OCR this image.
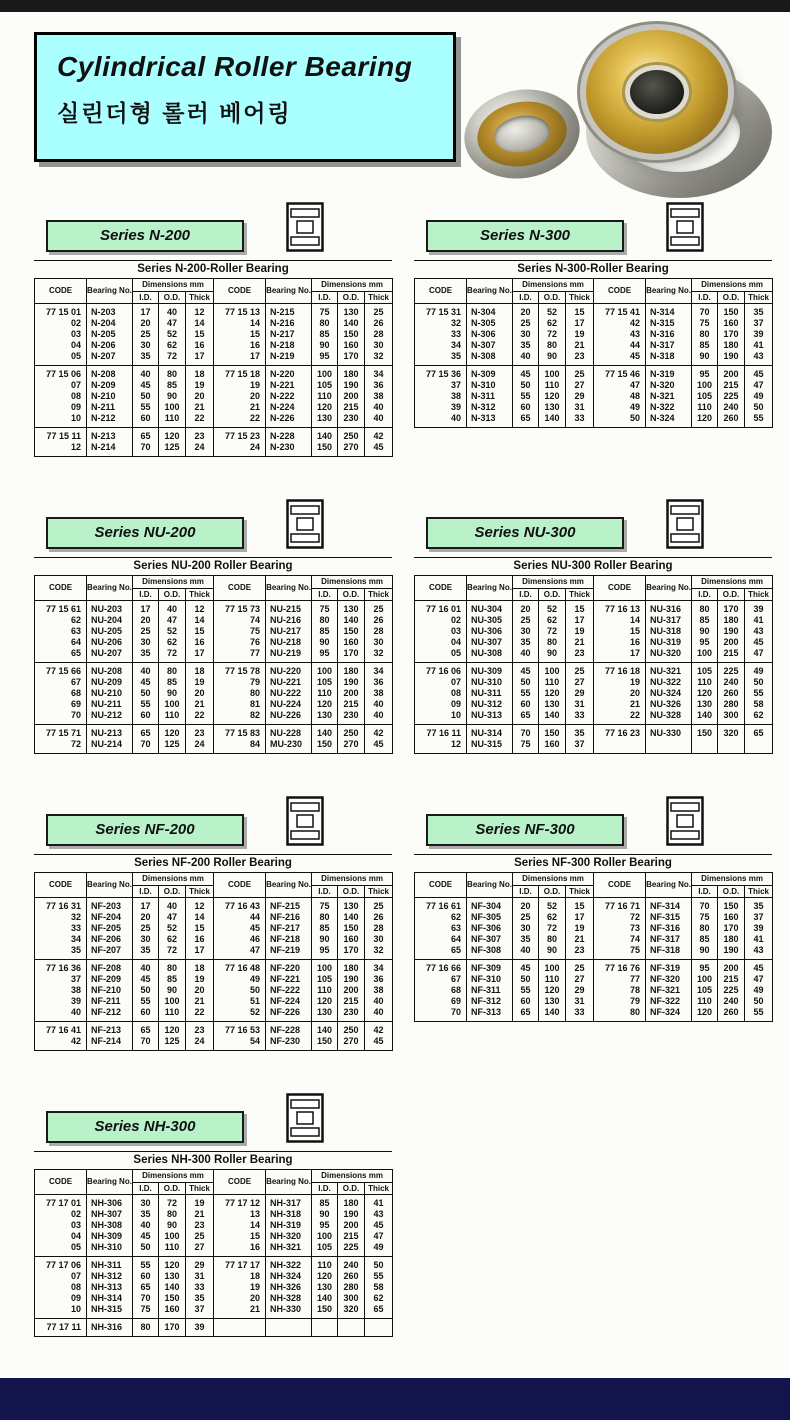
Cylindrical Roller Bearing
실린더형 롤러 베어링
Series N-200
Series N-200-Roller Bearing
CODE	Bearing No.	Dimensions mm			CODE	Bearing No.	Dimensions mm		
		I.D.	O.D.	Thick			I.D.	O.D.	Thick
77 15 01	N-203	17	40	12	77 15 13	N-215	75	130	25
02	N-204	20	47	14	14	N-216	80	140	26
03	N-205	25	52	15	15	N-217	85	150	28
04	N-206	30	62	16	16	N-218	90	160	30
05	N-207	35	72	17	17	N-219	95	170	32
77 15 06	N-208	40	80	18	77 15 18	N-220	100	180	34
07	N-209	45	85	19	19	N-221	105	190	36
08	N-210	50	90	20	20	N-222	110	200	38
09	N-211	55	100	21	21	N-224	120	215	40
10	N-212	60	110	22	22	N-226	130	230	40
77 15 11	N-213	65	120	23	77 15 23	N-228	140	250	42
12	N-214	70	125	24	24	N-230	150	270	45
Series N-300
Series N-300-Roller Bearing
CODE	Bearing No.	Dimensions mm			CODE	Bearing No.	Dimensions mm		
		I.D.	O.D.	Thick			I.D.	O.D.	Thick
77 15 31	N-304	20	52	15	77 15 41	N-314	70	150	35
32	N-305	25	62	17	42	N-315	75	160	37
33	N-306	30	72	19	43	N-316	80	170	39
34	N-307	35	80	21	44	N-317	85	180	41
35	N-308	40	90	23	45	N-318	90	190	43
77 15 36	N-309	45	100	25	77 15 46	N-319	95	200	45
37	N-310	50	110	27	47	N-320	100	215	47
38	N-311	55	120	29	48	N-321	105	225	49
39	N-312	60	130	31	49	N-322	110	240	50
40	N-313	65	140	33	50	N-324	120	260	55
Series NU-200
Series NU-200 Roller Bearing
CODE	Bearing No.	Dimensions mm			CODE	Bearing No.	Dimensions mm		
		I.D.	O.D.	Thick			I.D.	O.D.	Thick
77 15 61	NU-203	17	40	12	77 15 73	NU-215	75	130	25
62	NU-204	20	47	14	74	NU-216	80	140	26
63	NU-205	25	52	15	75	NU-217	85	150	28
64	NU-206	30	62	16	76	NU-218	90	160	30
65	NU-207	35	72	17	77	NU-219	95	170	32
77 15 66	NU-208	40	80	18	77 15 78	NU-220	100	180	34
67	NU-209	45	85	19	79	NU-221	105	190	36
68	NU-210	50	90	20	80	NU-222	110	200	38
69	NU-211	55	100	21	81	NU-224	120	215	40
70	NU-212	60	110	22	82	NU-226	130	230	40
77 15 71	NU-213	65	120	23	77 15 83	NU-228	140	250	42
72	NU-214	70	125	24	84	MU-230	150	270	45
Series NU-300
Series NU-300 Roller Bearing
CODE	Bearing No.	Dimensions mm			CODE	Bearing No.	Dimensions mm		
		I.D.	O.D.	Thick			I.D.	O.D.	Thick
77 16 01	NU-304	20	52	15	77 16 13	NU-316	80	170	39
02	NU-305	25	62	17	14	NU-317	85	180	41
03	NU-306	30	72	19	15	NU-318	90	190	43
04	NU-307	35	80	21	16	NU-319	95	200	45
05	NU-308	40	90	23	17	NU-320	100	215	47
77 16 06	NU-309	45	100	25	77 16 18	NU-321	105	225	49
07	NU-310	50	110	27	19	NU-322	110	240	50
08	NU-311	55	120	29	20	NU-324	120	260	55
09	NU-312	60	130	31	21	NU-326	130	280	58
10	NU-313	65	140	33	22	NU-328	140	300	62
77 16 11	NU-314	70	150	35	77 16 23	NU-330	150	320	65
12	NU-315	75	160	37					
Series NF-200
Series NF-200 Roller Bearing
CODE	Bearing No.	Dimensions mm			CODE	Bearing No.	Dimensions mm		
		I.D.	O.D.	Thick			I.D.	O.D.	Thick
77 16 31	NF-203	17	40	12	77 16 43	NF-215	75	130	25
32	NF-204	20	47	14	44	NF-216	80	140	26
33	NF-205	25	52	15	45	NF-217	85	150	28
34	NF-206	30	62	16	46	NF-218	90	160	30
35	NF-207	35	72	17	47	NF-219	95	170	32
77 16 36	NF-208	40	80	18	77 16 48	NF-220	100	180	34
37	NF-209	45	85	19	49	NF-221	105	190	36
38	NF-210	50	90	20	50	NF-222	110	200	38
39	NF-211	55	100	21	51	NF-224	120	215	40
40	NF-212	60	110	22	52	NF-226	130	230	40
77 16 41	NF-213	65	120	23	77 16 53	NF-228	140	250	42
42	NF-214	70	125	24	54	NF-230	150	270	45
Series NF-300
Series NF-300 Roller Bearing
CODE	Bearing No.	Dimensions mm			CODE	Bearing No.	Dimensions mm		
		I.D.	O.D.	Thick			I.D.	O.D.	Thick
77 16 61	NF-304	20	52	15	77 16 71	NF-314	70	150	35
62	NF-305	25	62	17	72	NF-315	75	160	37
63	NF-306	30	72	19	73	NF-316	80	170	39
64	NF-307	35	80	21	74	NF-317	85	180	41
65	NF-308	40	90	23	75	NF-318	90	190	43
77 16 66	NF-309	45	100	25	77 16 76	NF-319	95	200	45
67	NF-310	50	110	27	77	NF-320	100	215	47
68	NF-311	55	120	29	78	NF-321	105	225	49
69	NF-312	60	130	31	79	NF-322	110	240	50
70	NF-313	65	140	33	80	NF-324	120	260	55
Series NH-300
Series NH-300 Roller Bearing
CODE	Bearing No.	Dimensions mm			CODE	Bearing No.	Dimensions mm		
		I.D.	O.D.	Thick			I.D.	O.D.	Thick
77 17 01	NH-306	30	72	19	77 17 12	NH-317	85	180	41
02	NH-307	35	80	21	13	NH-318	90	190	43
03	NH-308	40	90	23	14	NH-319	95	200	45
04	NH-309	45	100	25	15	NH-320	100	215	47
05	NH-310	50	110	27	16	NH-321	105	225	49
77 17 06	NH-311	55	120	29	77 17 17	NH-322	110	240	50
07	NH-312	60	130	31	18	NH-324	120	260	55
08	NH-313	65	140	33	19	NH-326	130	280	58
09	NH-314	70	150	35	20	NH-328	140	300	62
10	NH-315	75	160	37	21	NH-330	150	320	65
77 17 11	NH-316	80	170	39					
